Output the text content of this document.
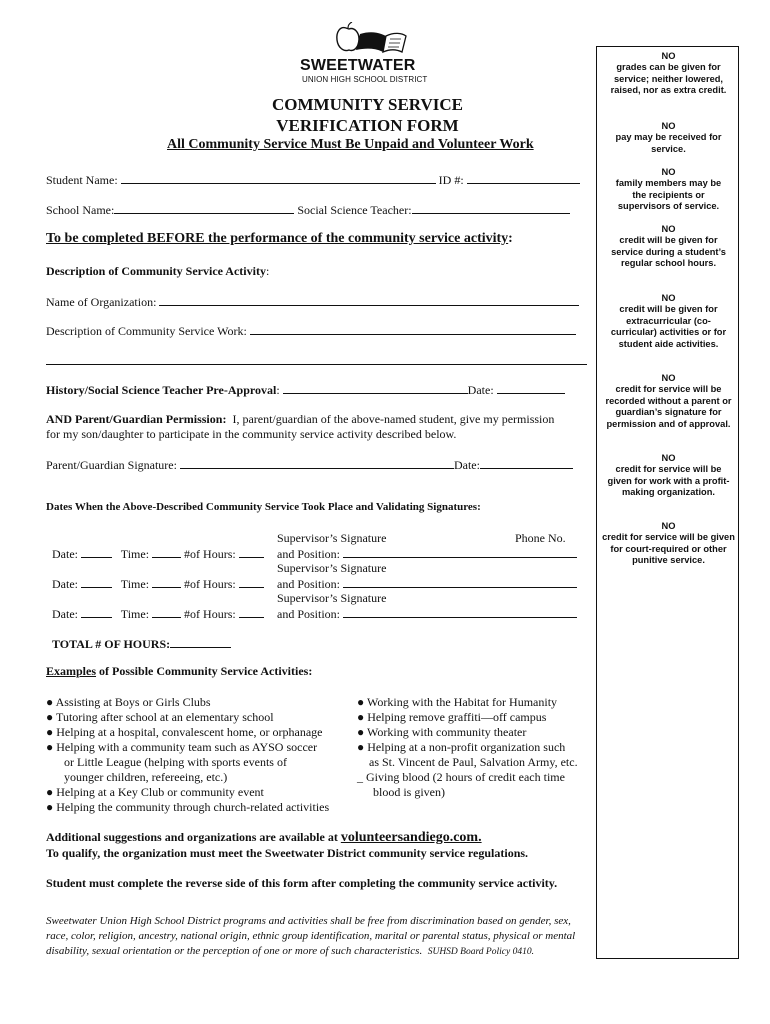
SWEETWATER
UNION HIGH SCHOOL DISTRICT
COMMUNITY SERVICE
VERIFICATION FORM
All Community Service Must Be Unpaid and Volunteer Work
Student Name:	ID #:
School Name:	Social Science Teacher:
To be completed BEFORE the performance of the community service activity:
Description of Community Service Activity:
Name of Organization:
Description of Community Service Work:
History/Social Science Teacher Pre-Approval:	Date:
AND Parent/Guardian Permission: I, parent/guardian of the above-named student, give my permission
for my son/daughter to participate in the community service activity described below.
Parent/Guardian Signature:	Date:
Dates When the Above-Described Community Service Took Place and Validating Signatures:
Supervisor’s Signature	Phone No.
Date:	Time:	#of Hours:	and Position:
Supervisor’s Signature
Date:	Time:	#of Hours:	and Position:
Supervisor’s Signature
Date:	Time:	#of Hours:	and Position:
TOTAL # OF HOURS:
Examples of Possible Community Service Activities:
● Assisting at Boys or Girls Clubs
● Tutoring after school at an elementary school
● Helping at a hospital, convalescent home, or orphanage
● Helping with a community team such as AYSO soccer
or Little League (helping with sports events of
younger children, refereeing, etc.)
● Helping at a Key Club or community event
● Helping the community through church-related activities
● Working with the Habitat for Humanity
● Helping remove graffiti—off campus
● Working with community theater
● Helping at a non-profit organization such
as St. Vincent de Paul, Salvation Army, etc.
_ Giving blood (2 hours of credit each time
blood is given)
Additional suggestions and organizations are available at volunteersandiego.com.
To qualify, the organization must meet the Sweetwater District community service regulations.
Student must complete the reverse side of this form after completing the community service activity.
Sweetwater Union High School District programs and activities shall be free from discrimination based on gender, sex, race, color, religion, ancestry, national origin, ethnic group identification, marital or parental status, physical or mental disability, sexual orientation or the perception of one or more of such characteristics. SUHSD Board Policy 0410.
NO
grades can be given for service; neither lowered, raised, nor as extra credit.
NO
pay may be received for service.
NO
family members may be the recipients or supervisors of service.
NO
credit will be given for service during a student’s regular school hours.
NO
credit will be given for extracurricular (co-curricular) activities or for student aide activities.
NO
credit for service will be recorded without a parent or guardian’s signature for permission and of approval.
NO
credit for service will be given for work with a profit-making organization.
NO
credit for service will be given for court-required or other punitive service.
